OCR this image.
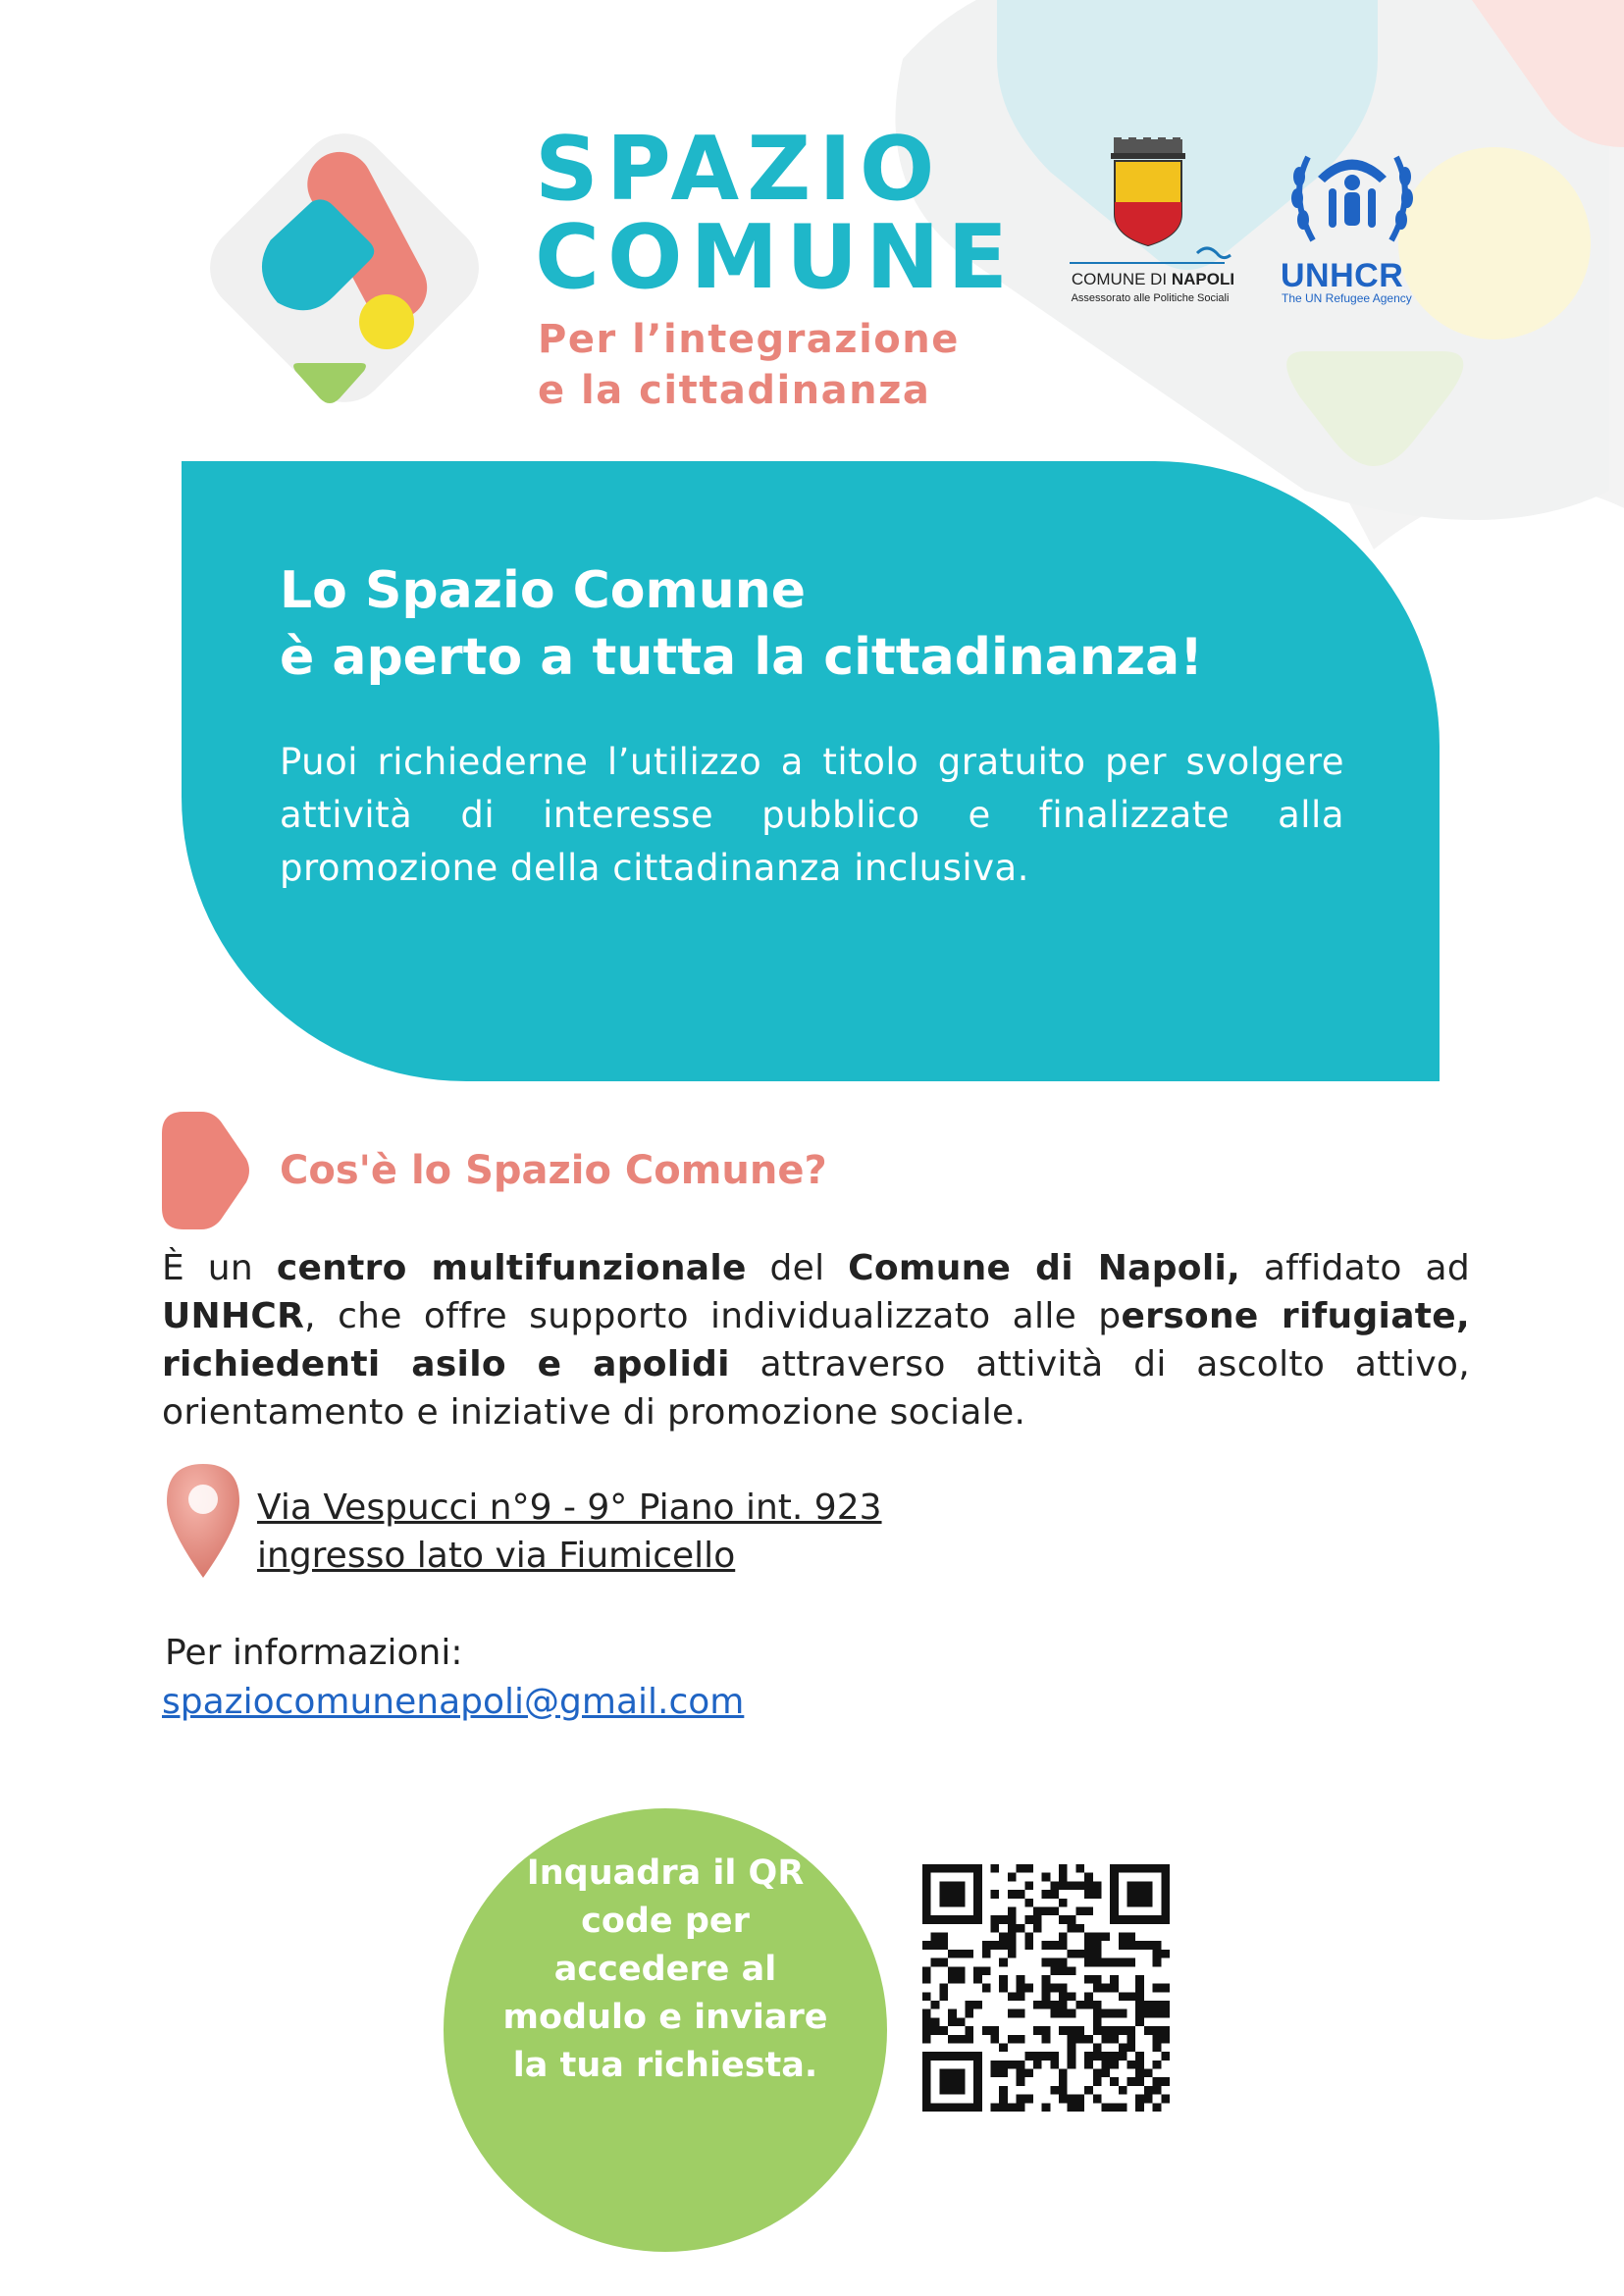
SPAZIO
COMUNE
Per l’integrazione
e la cittadinanza
COMUNE DI NAPOLI
Assessorato alle Politiche Sociali
UNHCR
The UN Refugee Agency
Lo Spazio Comune
è aperto a tutta la cittadinanza!
Puoi richiederne l’utilizzo a titolo gratuito per svolgere attività di interesse pubblico e finalizzate alla promozione della cittadinanza inclusiva.
Cos'è lo Spazio Comune?
È un centro multifunzionale del Comune di Napoli, affidato ad UNHCR, che offre supporto individualizzato alle persone rifugiate, richiedenti asilo e apolidi attraverso attività di ascolto attivo, orientamento e iniziative di promozione sociale.
Via Vespucci n°9 - 9° Piano int. 923
ingresso lato via Fiumicello
Per informazioni:
spaziocomunenapoli@gmail.com
Inquadra il QR code per accedere al modulo e inviare la tua richiesta.
